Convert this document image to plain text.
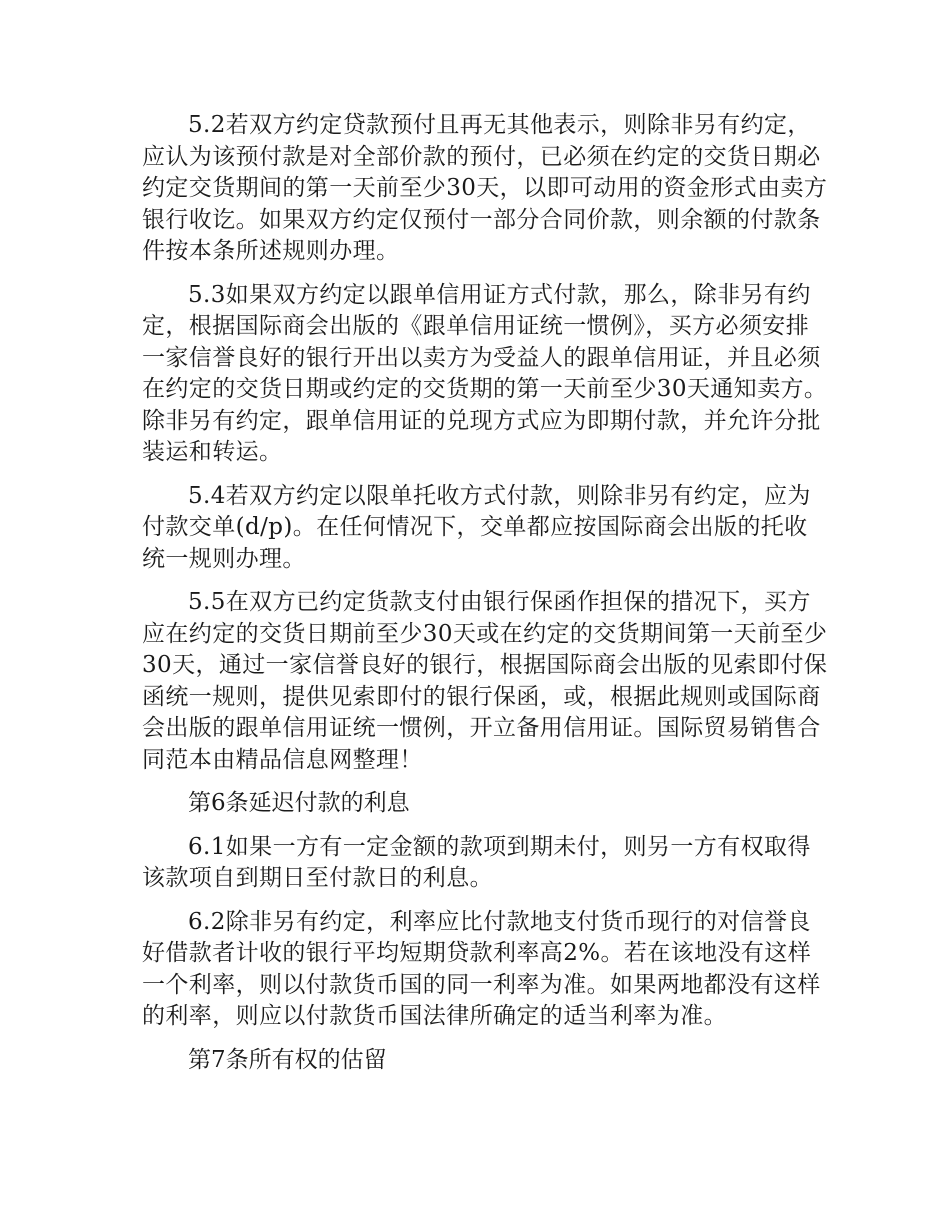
5.2若双方约定贷款预付且再无其他表示，则除非另有约定，应认为该预付款是对全部价款的预付，已必须在约定的交货日期必约定交货期间的第一天前至少30天，以即可动用的资金形式由卖方银行收讫。如果双方约定仅预付一部分合同价款，则余额的付款条件按本条所述规则办理。

5.3如果双方约定以跟单信用证方式付款，那么，除非另有约定，根据国际商会出版的《跟单信用证统一惯例》，买方必须安排一家信誉良好的银行开出以卖方为受益人的跟单信用证，并且必须在约定的交货日期或约定的交货期的第一天前至少30天通知卖方。除非另有约定，跟单信用证的兑现方式应为即期付款，并允许分批装运和转运。

5.4若双方约定以限单托收方式付款，则除非另有约定，应为付款交单(d/p)。在任何情况下，交单都应按国际商会出版的托收统一规则办理。

5.5在双方已约定货款支付由银行保函作担保的措况下，买方应在约定的交货日期前至少30天或在约定的交货期间第一天前至少30天，通过一家信誉良好的银行，根据国际商会出版的见索即付保函统一规则，提供见索即付的银行保函，或，根据此规则或国际商会出版的跟单信用证统一惯例，开立备用信用证。国际贸易销售合同范本由精品信息网整理！

第6条延迟付款的利息

6.1如果一方有一定金额的款项到期未付，则另一方有权取得该款项自到期日至付款日的利息。

6.2除非另有约定，利率应比付款地支付货币现行的对信誉良好借款者计收的银行平均短期贷款利率高2%。若在该地没有这样一个利率，则以付款货币国的同一利率为准。如果两地都没有这样的利率，则应以付款货币国法律所确定的适当利率为准。

第7条所有权的估留
